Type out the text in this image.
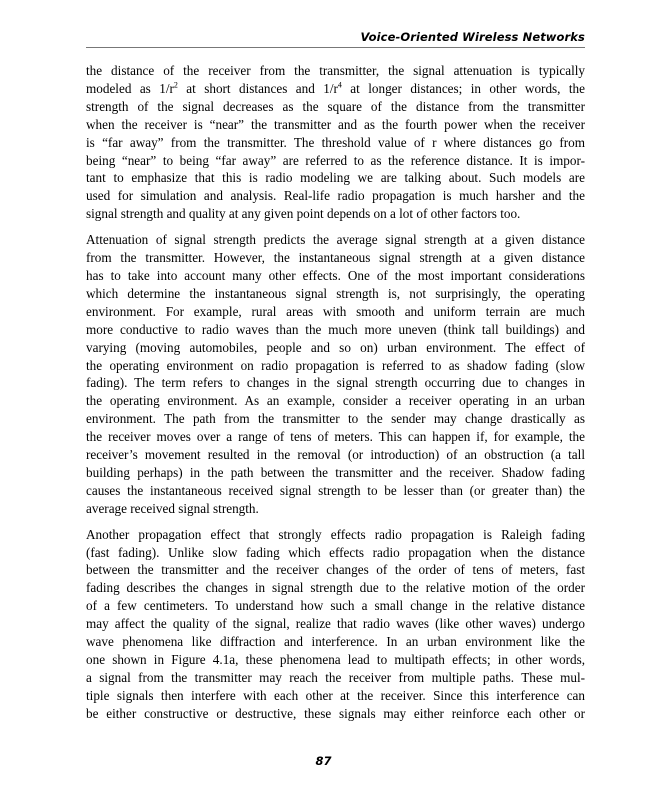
Voice-Oriented Wireless Networks

the distance of the receiver from the transmitter, the signal attenuation is typically
modeled as $1/r^2$ at short distances and $1/r^4$ at longer distances; in other words, the
strength of the signal decreases as the square of the distance from the transmitter
when the receiver is “near” the transmitter and as the fourth power when the receiver
is “far away” from the transmitter. The threshold value of r where distances go from
being “near” to being “far away” are referred to as the reference distance. It is impor-
tant to emphasize that this is radio modeling we are talking about. Such models are
used for simulation and analysis. Real-life radio propagation is much harsher and the
signal strength and quality at any given point depends on a lot of other factors too.

Attenuation of signal strength predicts the average signal strength at a given distance
from the transmitter. However, the instantaneous signal strength at a given distance
has to take into account many other effects. One of the most important considerations
which determine the instantaneous signal strength is, not surprisingly, the operating
environment. For example, rural areas with smooth and uniform terrain are much
more conductive to radio waves than the much more uneven (think tall buildings) and
varying (moving automobiles, people and so on) urban environment. The effect of
the operating environment on radio propagation is referred to as shadow fading (slow
fading). The term refers to changes in the signal strength occurring due to changes in
the operating environment. As an example, consider a receiver operating in an urban
environment. The path from the transmitter to the sender may change drastically as
the receiver moves over a range of tens of meters. This can happen if, for example, the
receiver’s movement resulted in the removal (or introduction) of an obstruction (a tall
building perhaps) in the path between the transmitter and the receiver. Shadow fading
causes the instantaneous received signal strength to be lesser than (or greater than) the
average received signal strength.

Another propagation effect that strongly effects radio propagation is Raleigh fading
(fast fading). Unlike slow fading which effects radio propagation when the distance
between the transmitter and the receiver changes of the order of tens of meters, fast
fading describes the changes in signal strength due to the relative motion of the order
of a few centimeters. To understand how such a small change in the relative distance
may affect the quality of the signal, realize that radio waves (like other waves) undergo
wave phenomena like diffraction and interference. In an urban environment like the
one shown in Figure 4.1a, these phenomena lead to multipath effects; in other words,
a signal from the transmitter may reach the receiver from multiple paths. These mul-
tiple signals then interfere with each other at the receiver. Since this interference can
be either constructive or destructive, these signals may either reinforce each other or

87
